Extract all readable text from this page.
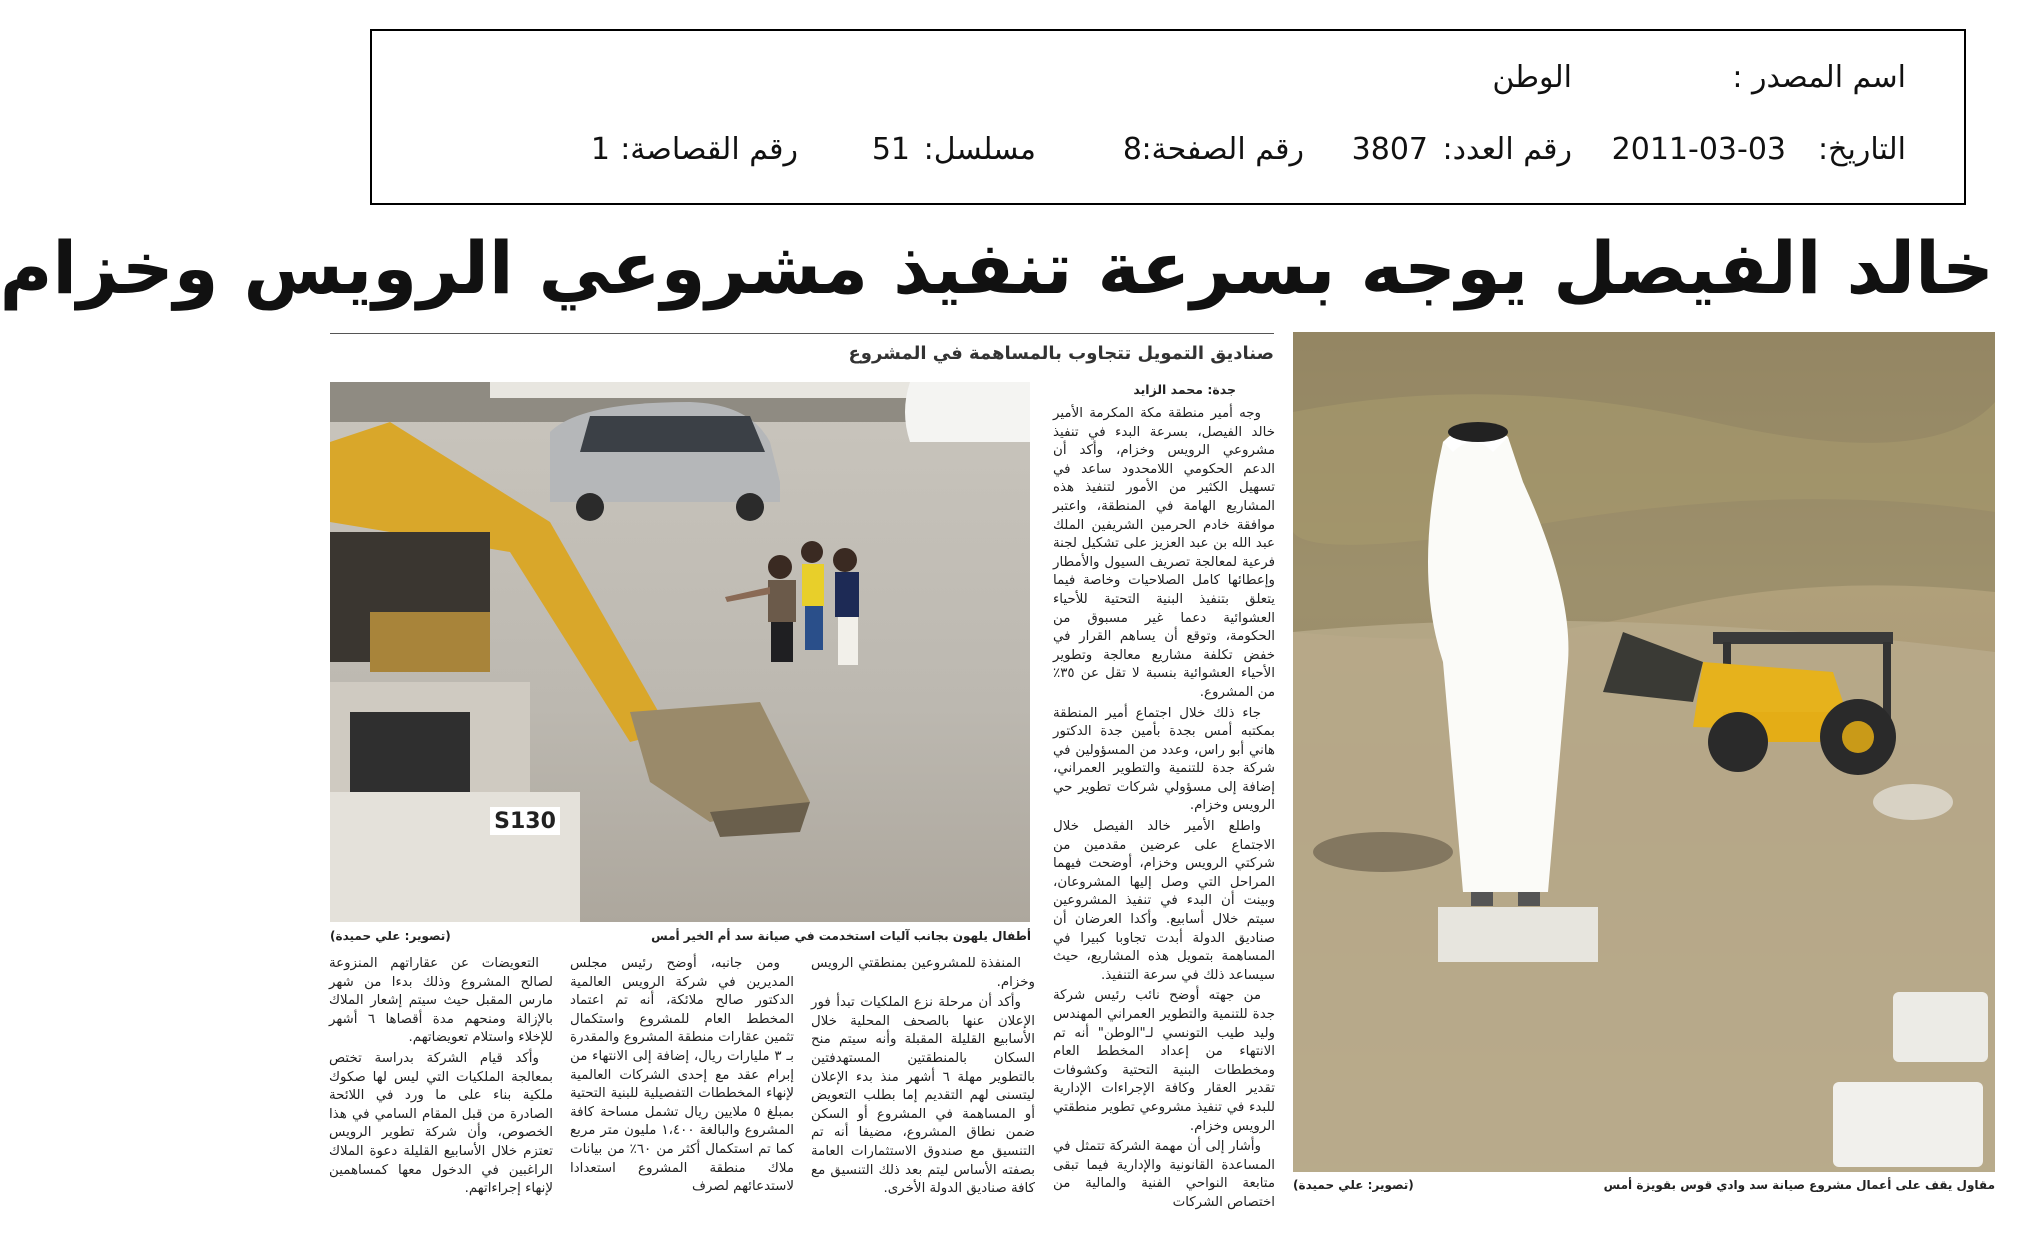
اسم المصدر :
الوطن
التاريخ:
2011-03-03
رقم العدد:
3807
رقم الصفحة:
8
مسلسل:
51
رقم القصاصة:
1
خالد الفيصل يوجه بسرعة تنفيذ مشروعي الرويس وخزام
صناديق التمويل تتجاوب بالمساهمة في المشروع
مقاول يقف على أعمال مشروع صيانة سد وادي قوس بقويزة أمس
(تصوير: علي حميدة)
S130
أطفال يلهون بجانب آليات استخدمت في صيانة سد أم الخير أمس
(تصوير: علي حميدة)
جدة: محمد الزايد

وجه أمير منطقة مكة المكرمة الأمير خالد الفيصل، بسرعة البدء في تنفيذ مشروعي الرويس وخزام، وأكد أن الدعم الحكومي اللامحدود ساعد في تسهيل الكثير من الأمور لتنفيذ هذه المشاريع الهامة في المنطقة، واعتبر موافقة خادم الحرمين الشريفين الملك عبد الله بن عبد العزيز على تشكيل لجنة فرعية لمعالجة تصريف السيول والأمطار وإعطائها كامل الصلاحيات وخاصة فيما يتعلق بتنفيذ البنية التحتية للأحياء العشوائية دعما غير مسبوق من الحكومة، وتوقع أن يساهم القرار في خفض تكلفة مشاريع معالجة وتطوير الأحياء العشوائية بنسبة لا تقل عن ٣٥٪ من المشروع.

جاء ذلك خلال اجتماع أمير المنطقة بمكتبه أمس بجدة بأمين جدة الدكتور هاني أبو راس، وعدد من المسؤولين في شركة جدة للتنمية والتطوير العمراني، إضافة إلى مسؤولي شركات تطوير حي الرويس وخزام.

واطلع الأمير خالد الفيصل خلال الاجتماع على عرضين مقدمين من شركتي الرويس وخزام، أوضحت فيهما المراحل التي وصل إليها المشروعان، وبينت أن البدء في تنفيذ المشروعين سيتم خلال أسابيع. وأكدا العرضان أن صناديق الدولة أبدت تجاوبا كبيرا في المساهمة بتمويل هذه المشاريع، حيث سيساعد ذلك في سرعة التنفيذ.

من جهته أوضح نائب رئيس شركة جدة للتنمية والتطوير العمراني المهندس وليد طيب التونسي لـ"الوطن" أنه تم الانتهاء من إعداد المخطط العام ومخططات البنية التحتية وكشوفات تقدير العقار وكافة الإجراءات الإدارية للبدء في تنفيذ مشروعي تطوير منطقتي الرويس وخزام.

وأشار إلى أن مهمة الشركة تتمثل في المساعدة القانونية والإدارية فيما تبقى متابعة النواحي الفنية والمالية من اختصاص الشركات

المنفذة للمشروعين بمنطقتي الرويس وخزام.

وأكد أن مرحلة نزع الملكيات تبدأ فور الإعلان عنها بالصحف المحلية خلال الأسابيع القليلة المقبلة وأنه سيتم منح السكان بالمنطقتين المستهدفتين بالتطوير مهلة ٦ أشهر منذ بدء الإعلان ليتسنى لهم التقديم إما بطلب التعويض أو المساهمة في المشروع أو السكن ضمن نطاق المشروع، مضيفا أنه تم التنسيق مع صندوق الاستثمارات العامة بصفته الأساس ليتم بعد ذلك التنسيق مع كافة صناديق الدولة الأخرى.

ومن جانبه، أوضح رئيس مجلس المديرين في شركة الرويس العالمية الدكتور صالح ملائكة، أنه تم اعتماد المخطط العام للمشروع واستكمال تثمين عقارات منطقة المشروع والمقدرة بـ ٣ مليارات ريال، إضافة إلى الانتهاء من إبرام عقد مع إحدى الشركات العالمية لإنهاء المخططات التفصيلية للبنية التحتية بمبلغ ٥ ملايين ريال تشمل مساحة كافة المشروع والبالغة ١،٤٠٠ مليون متر مربع كما تم استكمال أكثر من ٦٠٪ من بيانات ملاك منطقة المشروع استعدادا لاستدعائهم لصرف

التعويضات عن عقاراتهم المنزوعة لصالح المشروع وذلك بدءا من شهر مارس المقبل حيث سيتم إشعار الملاك بالإزالة ومنحهم مدة أقصاها ٦ أشهر للإخلاء واستلام تعويضاتهم.

وأكد قيام الشركة بدراسة تختص بمعالجة الملكيات التي ليس لها صكوك ملكية بناء على ما ورد في اللائحة الصادرة من قبل المقام السامي في هذا الخصوص، وأن شركة تطوير الرويس تعتزم خلال الأسابيع القليلة دعوة الملاك الراغبين في الدخول معها كمساهمين لإنهاء إجراءاتهم.
